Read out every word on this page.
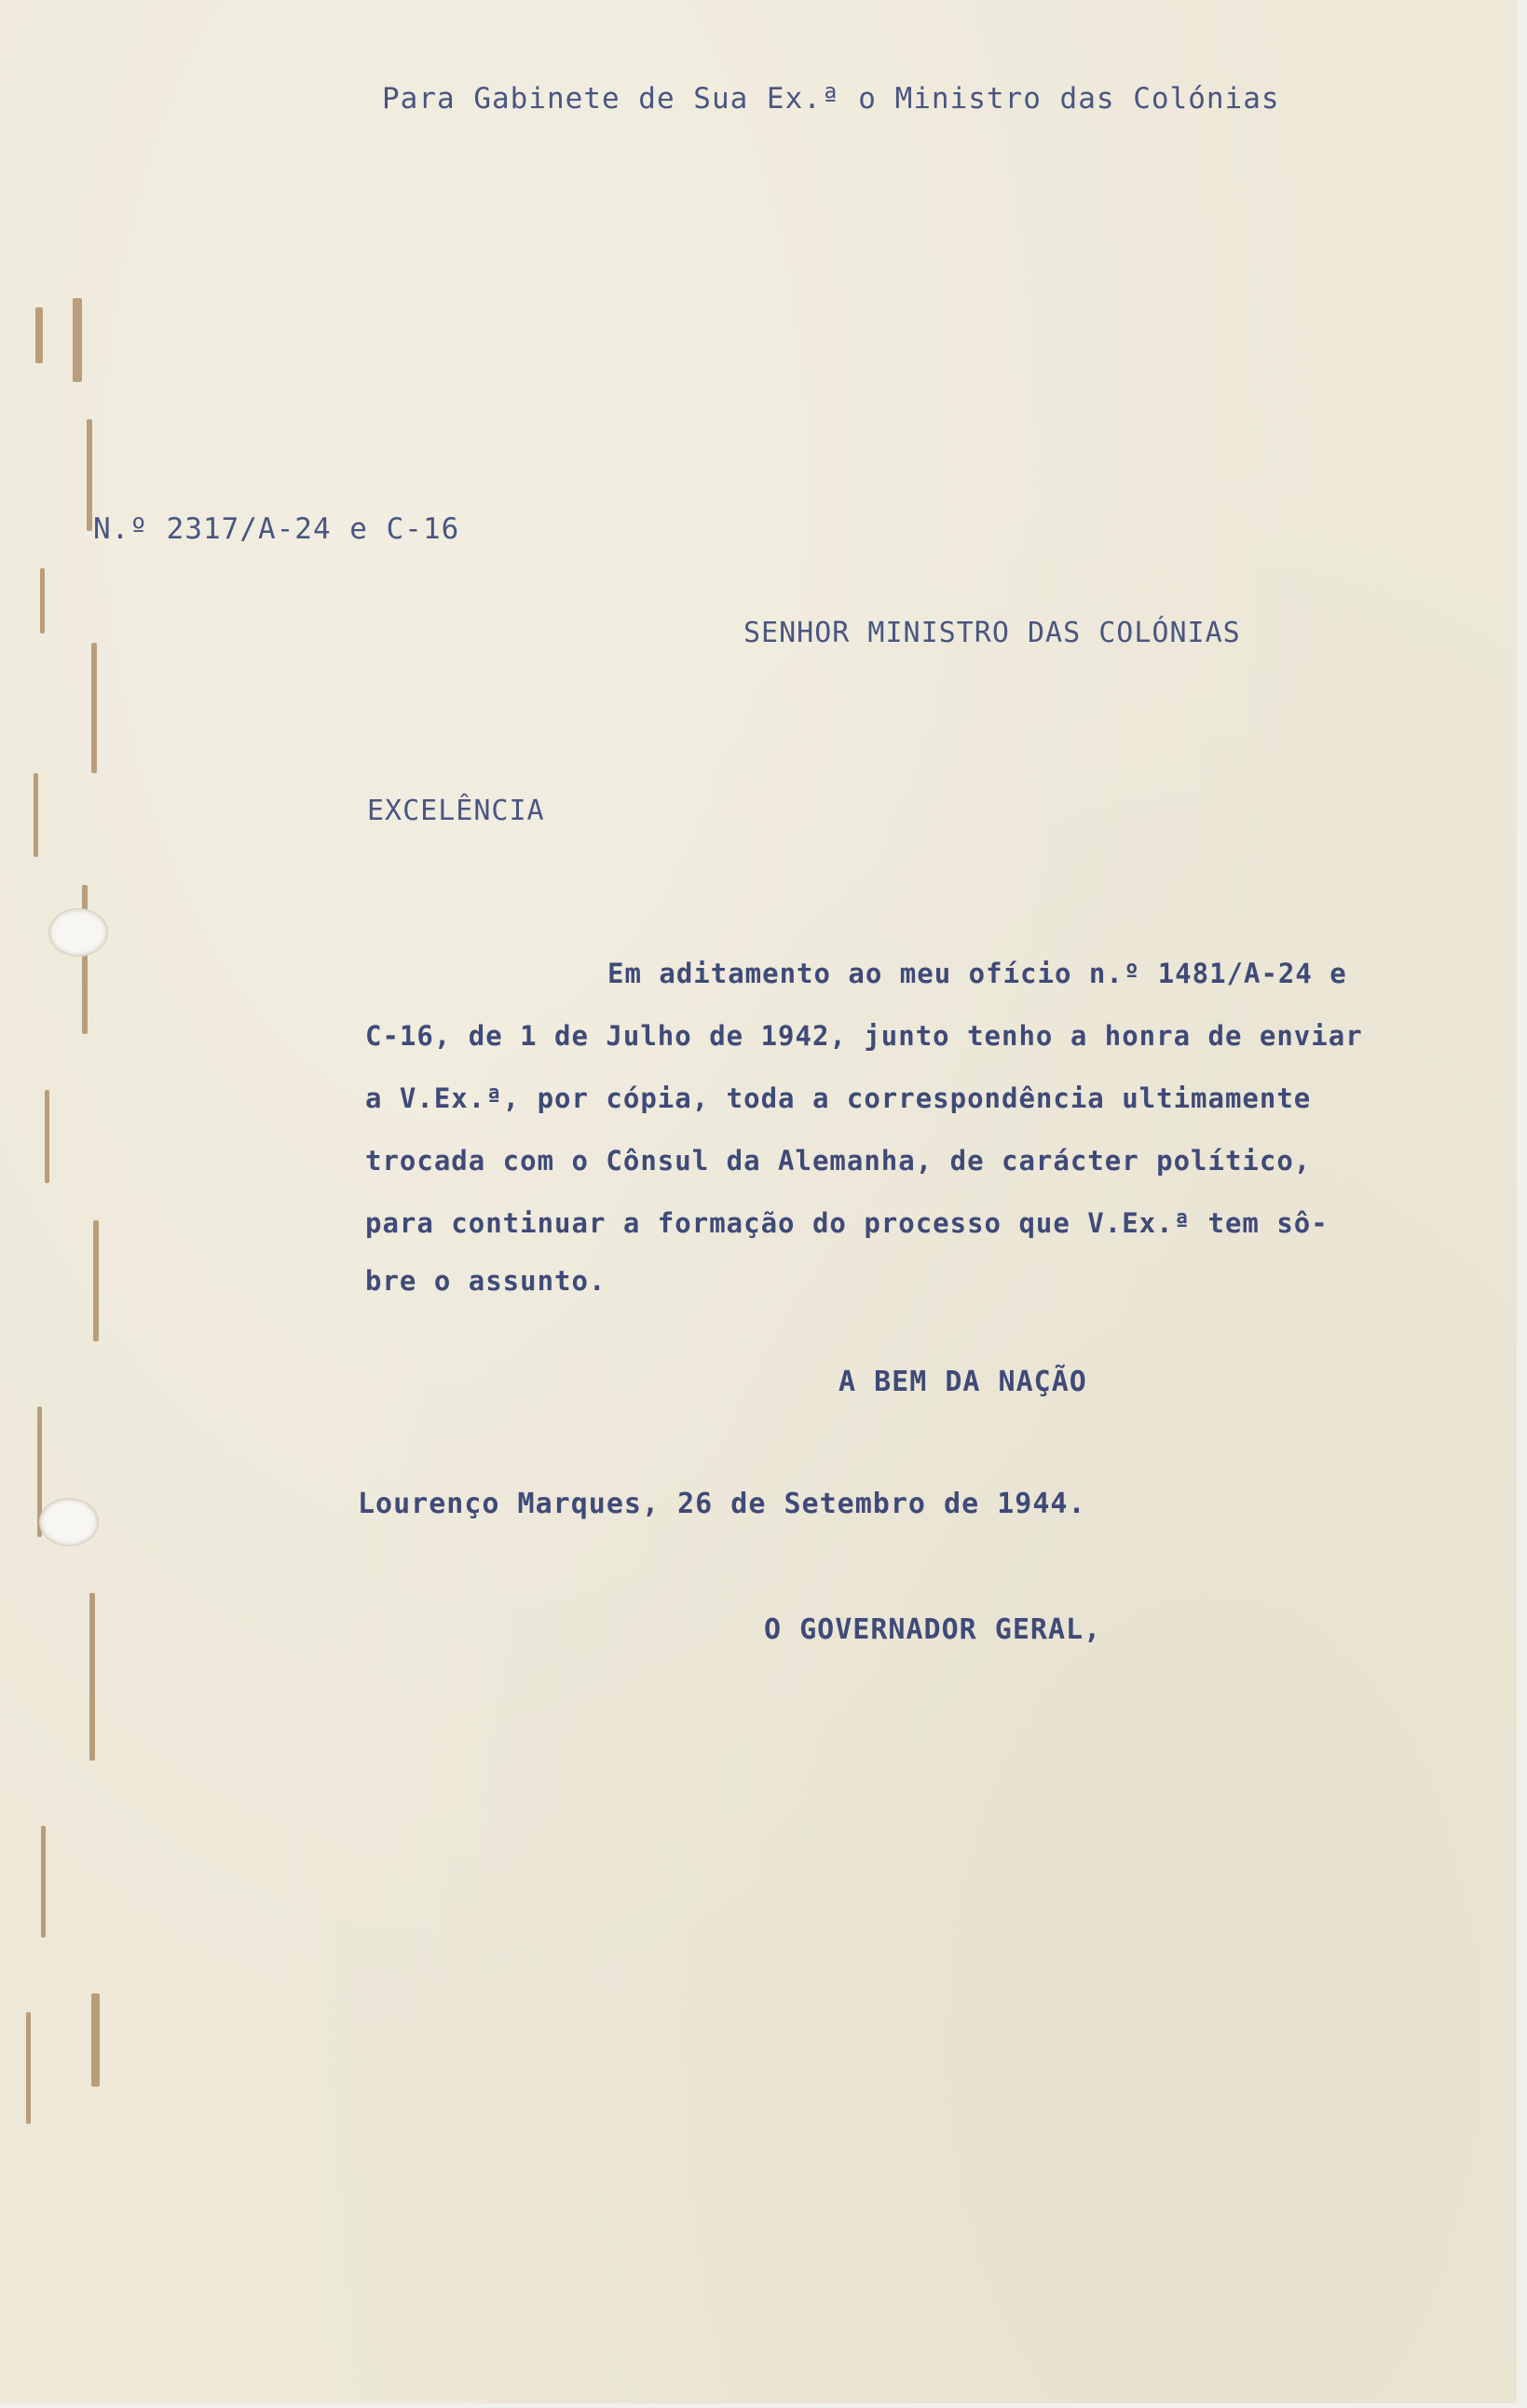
Para Gabinete de Sua Ex.ª o Ministro das Colónias
N.º 2317/A-24 e C-16
SENHOR MINISTRO DAS COLÓNIAS
EXCELÊNCIA
Em aditamento ao meu ofício n.º 1481/A-24 e
C-16, de 1 de Julho de 1942, junto tenho a honra de enviar
a V.Ex.ª, por cópia, toda a correspondência ultimamente
trocada com o Cônsul da Alemanha, de carácter político,
para continuar a formação do processo que V.Ex.ª tem sô-
bre o assunto.
A BEM DA NAÇÃO
Lourenço Marques, 26 de Setembro de 1944.
O GOVERNADOR GERAL,
